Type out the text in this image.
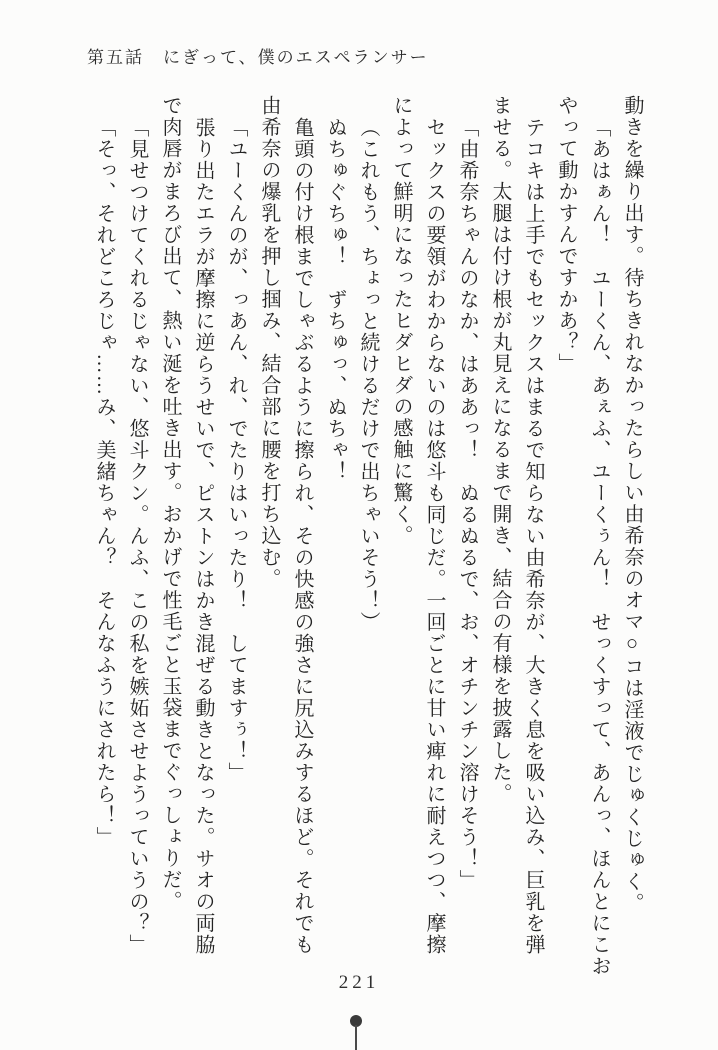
第五話　にぎって、僕のエスペランサー
動きを繰り出す。待ちきれなかったらしい由希奈のオマ○コは淫液でじゅくじゅく。
「あはぁん！　ユーくん、あぇふ、ユーくぅん！　せっくすって、あんっ、ほんとにこお
やって動かすんですかあ？」
テコキは上手でもセックスはまるで知らない由希奈が、大きく息を吸い込み、巨乳を弾
ませる。太腿は付け根が丸見えになるまで開き、結合の有様を披露した。
「由希奈ちゃんのなか、はああっ！　ぬるぬるで、お、オチンチン溶けそう！」
セックスの要領がわからないのは悠斗も同じだ。一回ごとに甘い痺れに耐えつつ、摩擦
によって鮮明になったヒダヒダの感触に驚く。
（これもう、ちょっと続けるだけで出ちゃいそう！）
ぬちゅぐちゅ！　ずちゅっ、ぬちゃ！
亀頭の付け根までしゃぶるように擦られ、その快感の強さに尻込みするほど。それでも
由希奈の爆乳を押し掴み、結合部に腰を打ち込む。
「ユーくんのが、っあん、れ、でたりはいったり！　してますぅ！」
張り出たエラが摩擦に逆らうせいで、ピストンはかき混ぜる動きとなった。サオの両脇
で肉唇がまろび出て、熱い涎を吐き出す。おかげで性毛ごと玉袋までぐっしょりだ。
「見せつけてくれるじゃない、悠斗クン。んふ、この私を嫉妬させようっていうの？」
「そっ、それどころじゃ……み、美緒ちゃん？　そんなふうにされたら！」
221
